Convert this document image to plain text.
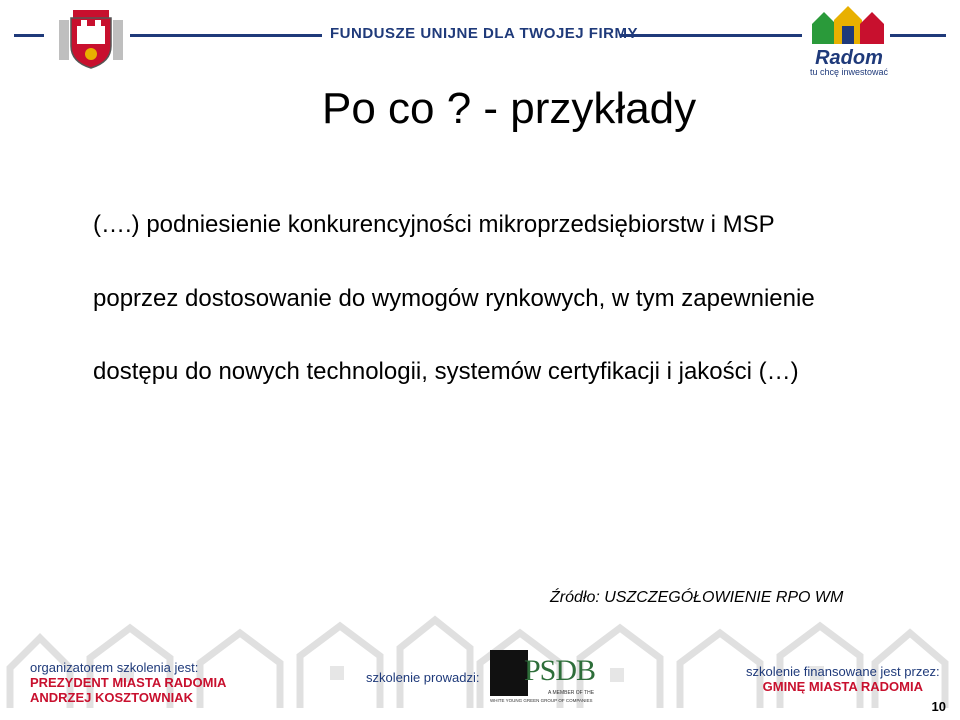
FUNDUSZE UNIJNE DLA TWOJEJ FIRMY
Radom
tu chcę inwestować
Po co ? - przykłady
(….) podniesienie konkurencyjności mikroprzedsiębiorstw i MSP
poprzez dostosowanie do wymogów rynkowych, w tym zapewnienie
dostępu do nowych technologii, systemów certyfikacji i jakości (…)
Źródło: USZCZEGÓŁOWIENIE RPO WM
organizatorem szkolenia jest:
PREZYDENT MIASTA RADOMIA
ANDRZEJ KOSZTOWNIAK
szkolenie prowadzi: PSDB
A MEMBER OF THE
WHITE YOUNG GREEN GROUP OF COMPANIES
szkolenie finansowane jest przez:
GMINĘ MIASTA RADOMIA
10
